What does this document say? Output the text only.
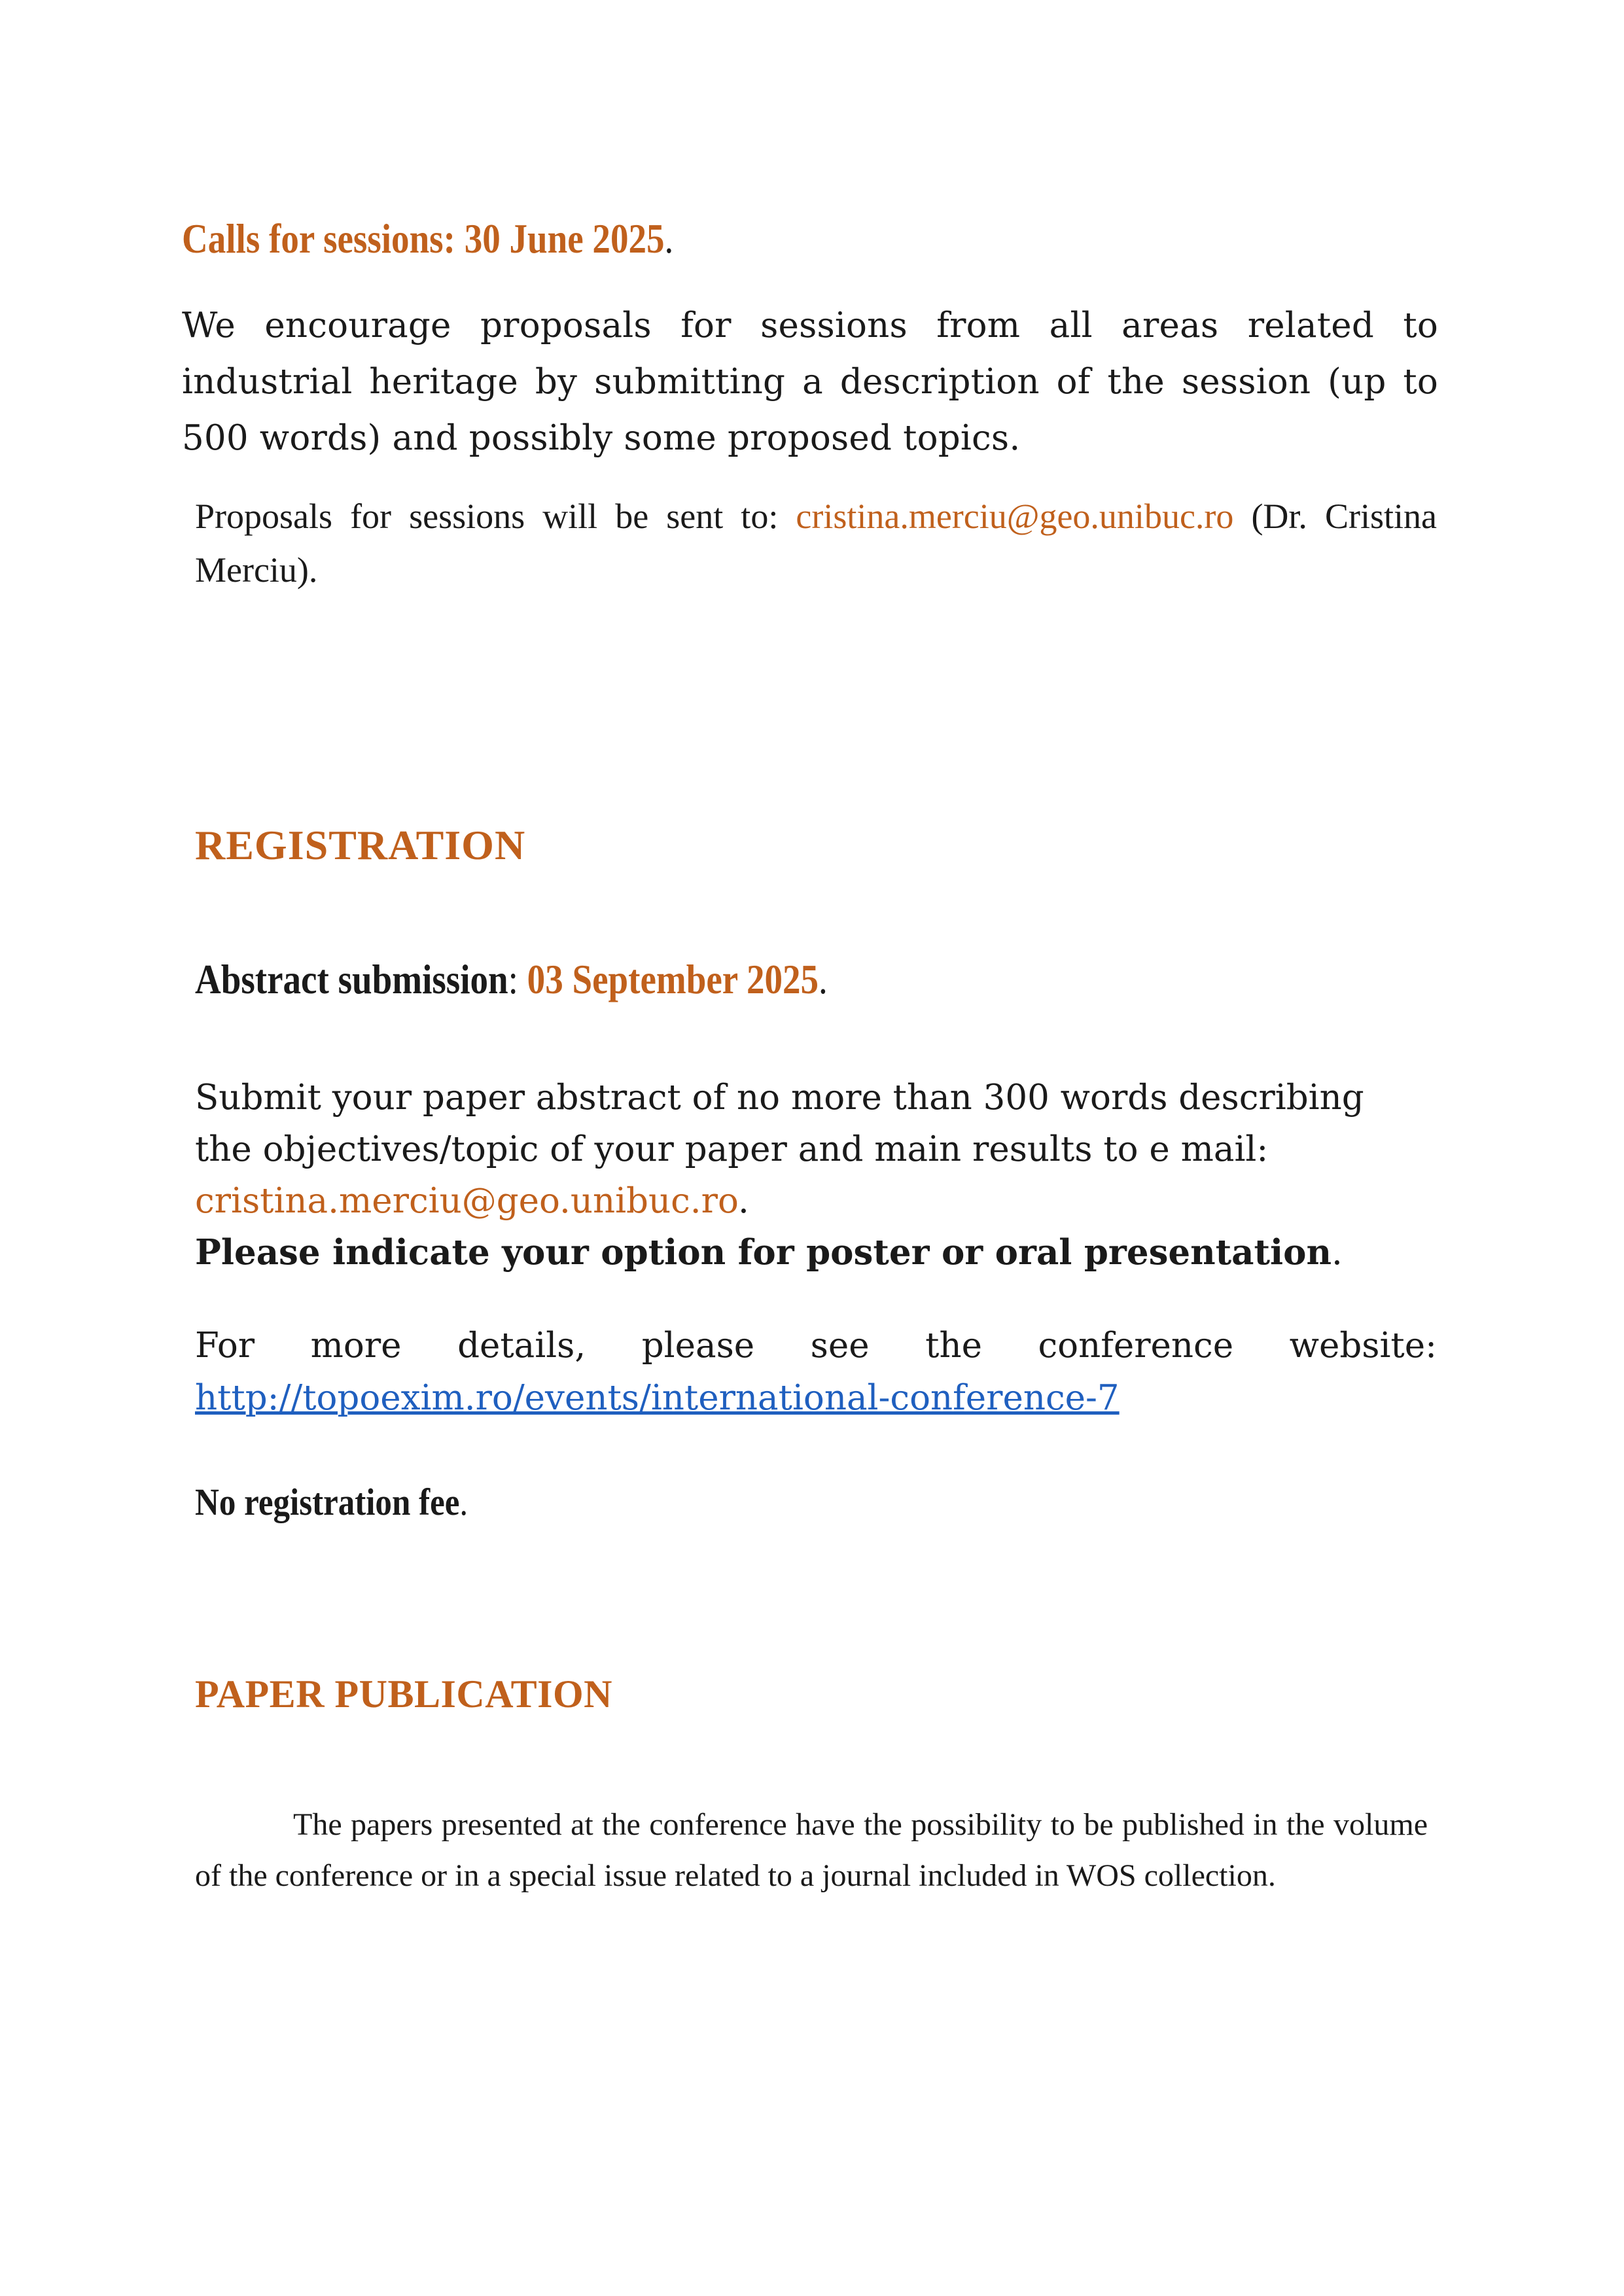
Calls for sessions: 30 June 2025.
We encourage proposals for sessions from all areas related to industrial heritage by submitting a description of the session (up to 500 words) and possibly some proposed topics.
Proposals for sessions will be sent to: cristina.merciu@geo.unibuc.ro (Dr. Cristina Merciu).
REGISTRATION
Abstract submission: 03 September 2025.
Submit your paper abstract of no more than 300 words describing
the objectives/topic of your paper and main results to e mail:
cristina.merciu@geo.unibuc.ro.
Please indicate your option for poster or oral presentation.
For more details, please see the conference website:
http://topoexim.ro/events/international-conference-7
No registration fee.
PAPER PUBLICATION
The papers presented at the conference have the possibility to be published in the volume of the conference or in a special issue related to a journal included in WOS collection.
